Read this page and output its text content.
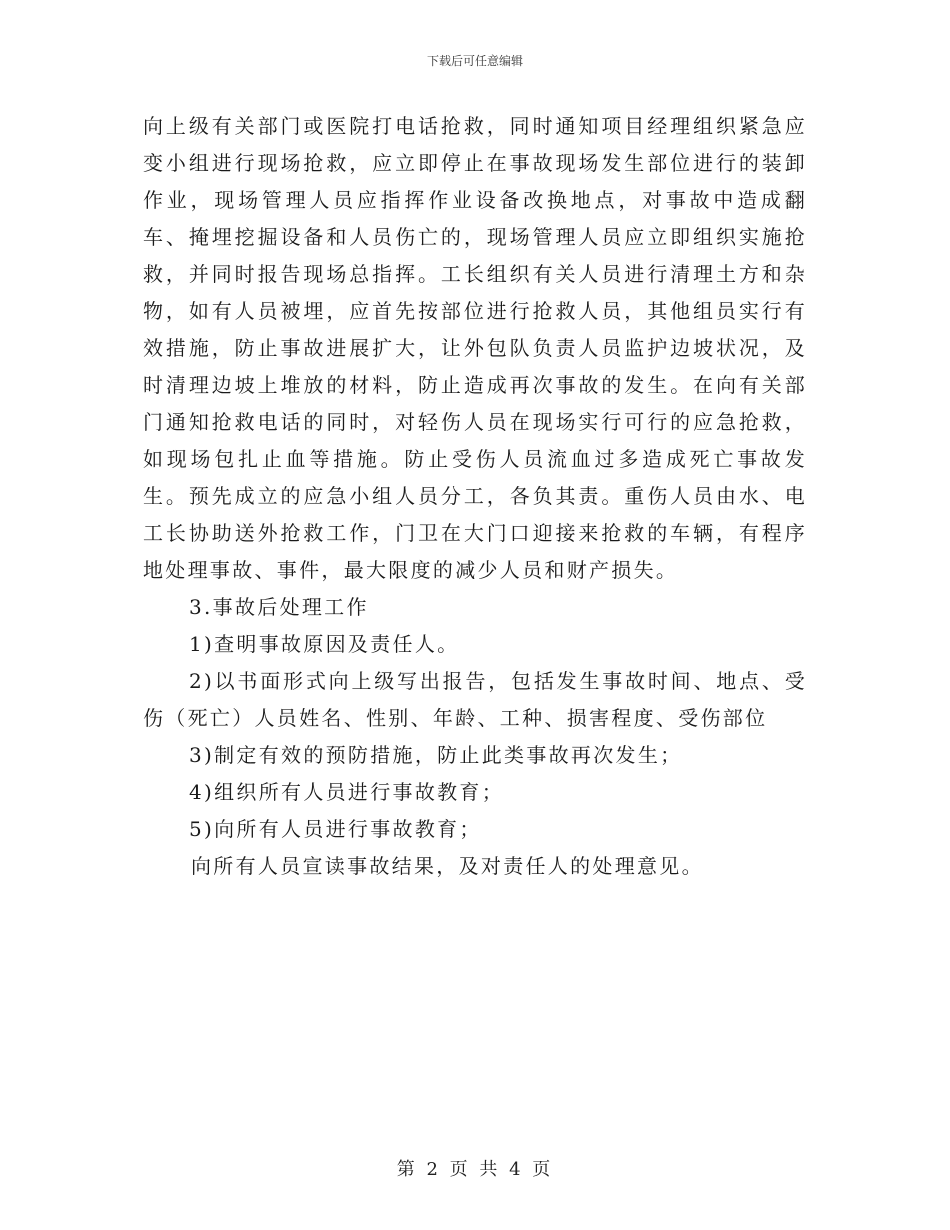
下载后可任意编辑

向上级有关部门或医院打电话抢救，同时通知项目经理组织紧急应变小组进行现场抢救，应立即停止在事故现场发生部位进行的装卸作业，现场管理人员应指挥作业设备改换地点，对事故中造成翻车、掩埋挖掘设备和人员伤亡的，现场管理人员应立即组织实施抢救，并同时报告现场总指挥。工长组织有关人员进行清理土方和杂物，如有人员被埋，应首先按部位进行抢救人员，其他组员实行有效措施，防止事故进展扩大，让外包队负责人员监护边坡状况，及时清理边坡上堆放的材料，防止造成再次事故的发生。在向有关部门通知抢救电话的同时，对轻伤人员在现场实行可行的应急抢救，如现场包扎止血等措施。防止受伤人员流血过多造成死亡事故发生。预先成立的应急小组人员分工，各负其责。重伤人员由水、电工长协助送外抢救工作，门卫在大门口迎接来抢救的车辆，有程序地处理事故、事件，最大限度的减少人员和财产损失。

3.事故后处理工作

1)查明事故原因及责任人。

2)以书面形式向上级写出报告，包括发生事故时间、地点、受伤（死亡）人员姓名、性别、年龄、工种、损害程度、受伤部位

3)制定有效的预防措施，防止此类事故再次发生；

4)组织所有人员进行事故教育；

5)向所有人员进行事故教育；

向所有人员宣读事故结果，及对责任人的处理意见。

第 2 页 共 4 页
